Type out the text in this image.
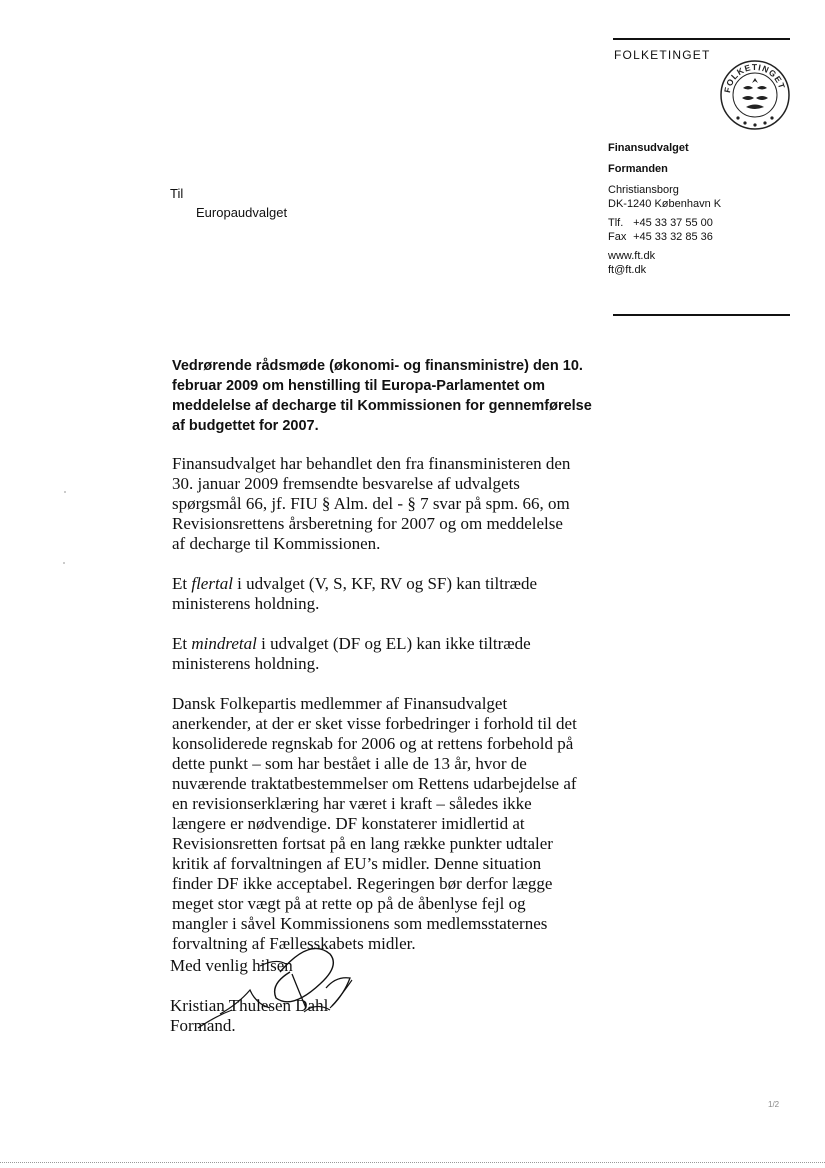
FOLKETINGET
FOLKETINGET
Finansudvalget
Formanden
Christiansborg
DK-1240 København K
Tlf. +45 33 37 55 00
Fax +45 33 32 85 36
www.ft.dk
ft@ft.dk
Til
Europaudvalget
Vedrørende rådsmøde (økonomi- og finansministre) den 10. februar 2009 om henstilling til Europa-Parlamentet om meddelelse af decharge til Kommissionen for gennemførelse af budgettet for 2007.

Finansudvalget har behandlet den fra finansministeren den 30. januar 2009 fremsendte besvarelse af udvalgets spørgsmål 66, jf. FIU § Alm. del - § 7 svar på spm. 66, om Revisionsrettens årsberetning for 2007 og om meddelelse af decharge til Kommissionen.

Et flertal i udvalget (V, S, KF, RV og SF) kan tiltræde ministerens holdning.

Et mindretal i udvalget (DF og EL) kan ikke tiltræde ministerens holdning.

Dansk Folkepartis medlemmer af Finansudvalget anerkender, at der er sket visse forbedringer i forhold til det konsoliderede regnskab for 2006 og at rettens forbehold på dette punkt – som har bestået i alle de 13 år, hvor de nuværende traktatbestemmelser om Rettens udarbejdelse af en revisionserklæring har været i kraft – således ikke længere er nødvendige. DF konstaterer imidlertid at Revisionsretten fortsat på en lang række punkter udtaler kritik af forvaltningen af EU’s midler. Denne situation finder DF ikke acceptabel. Regeringen bør derfor lægge meget stor vægt på at rette op på de åbenlyse fejl og mangler i såvel Kommissionens som medlemsstaternes forvaltning af Fællesskabets midler.

Med venlig hilsen
Kristian Thulesen Dahl
Formand.
1/2
